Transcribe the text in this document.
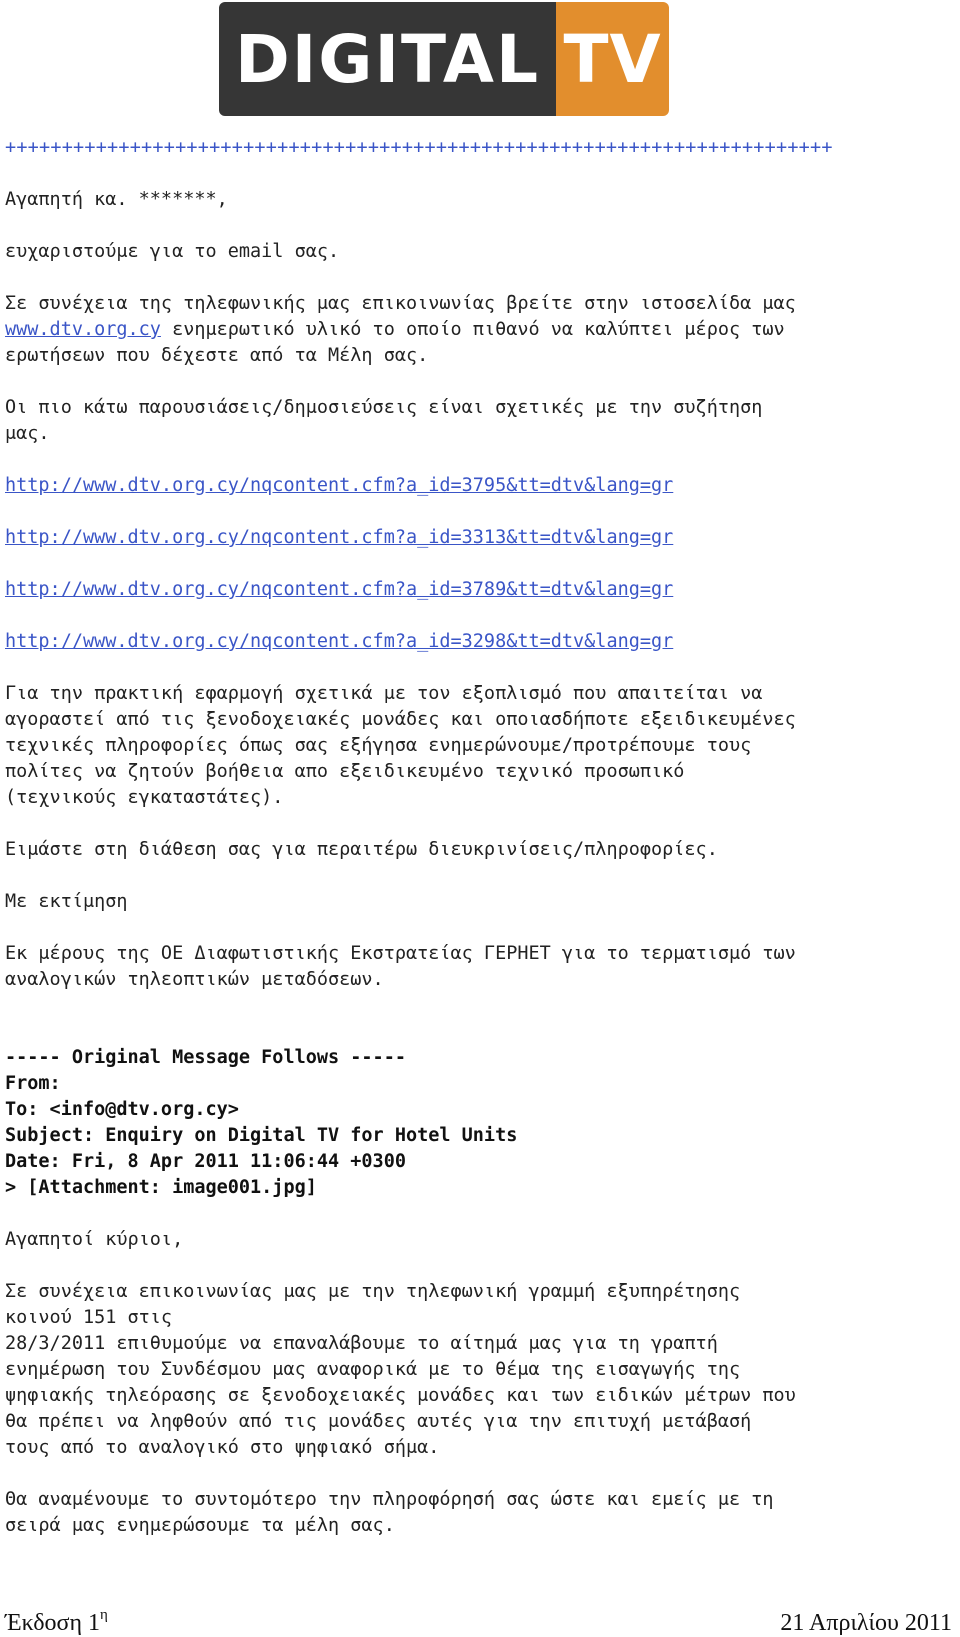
DIGITAL TV
+++++++++++++++++++++++++++++++++++++++++++++++++++++++++++++++++++++++++
Αγαπητή κα. *******,
ευχαριστούμε για το email σας.
Σε συνέχεια της τηλεφωνικής μας επικοινωνίας βρείτε στην ιστοσελίδα μας
www.dtv.org.cy ενημερωτικό υλικό το οποίο πιθανό να καλύπτει μέρος των
ερωτήσεων που δέχεστε από τα Μέλη σας.
Οι πιο κάτω παρουσιάσεις/δημοσιεύσεις είναι σχετικές με την συζήτηση
μας.
http://www.dtv.org.cy/nqcontent.cfm?a_id=3795&tt=dtv&lang=gr
http://www.dtv.org.cy/nqcontent.cfm?a_id=3313&tt=dtv&lang=gr
http://www.dtv.org.cy/nqcontent.cfm?a_id=3789&tt=dtv&lang=gr
http://www.dtv.org.cy/nqcontent.cfm?a_id=3298&tt=dtv&lang=gr
Για την πρακτική εφαρμογή σχετικά με τον εξοπλισμό που απαιτείται να
αγοραστεί από τις ξενοδοχειακές μονάδες και οποιασδήποτε εξειδικευμένες
τεχνικές πληροφορίες όπως σας εξήγησα ενημερώνουμε/προτρέπουμε τους
πολίτες να ζητούν βοήθεια απο εξειδικευμένο τεχνικό προσωπικό
(τεχνικούς εγκαταστάτες).
Ειμάστε στη διάθεση σας για περαιτέρω διευκρινίσεις/πληροφορίες.
Με εκτίμηση
Εκ μέρους της ΟΕ Διαφωτιστικής Εκστρατείας ΓΕΡΗΕΤ για το τερματισμό των
αναλογικών τηλεοπτικών μεταδόσεων.
----- Original Message Follows -----
From:
To: <info@dtv.org.cy>
Subject: Enquiry on Digital TV for Hotel Units
Date: Fri, 8 Apr 2011 11:06:44 +0300
> [Attachment: image001.jpg]
Αγαπητοί κύριοι,
Σε συνέχεια επικοινωνίας μας με την τηλεφωνική γραμμή εξυπηρέτησης
κοινού 151 στις
28/3/2011 επιθυμούμε να επαναλάβουμε το αίτημά μας για τη γραπτή
ενημέρωση του Συνδέσμου μας αναφορικά με το θέμα της εισαγωγής της
ψηφιακής τηλεόρασης σε ξενοδοχειακές μονάδες και των ειδικών μέτρων που
θα πρέπει να ληφθούν από τις μονάδες αυτές για την επιτυχή μετάβασή
τους από το αναλογικό στο ψηφιακό σήμα.
Θα αναμένουμε το συντομότερο την πληροφόρησή σας ώστε και εμείς με τη
σειρά μας ενημερώσουμε τα μέλη σας.
Έκδοση $1^\eta$	21 Απριλίου 2011
